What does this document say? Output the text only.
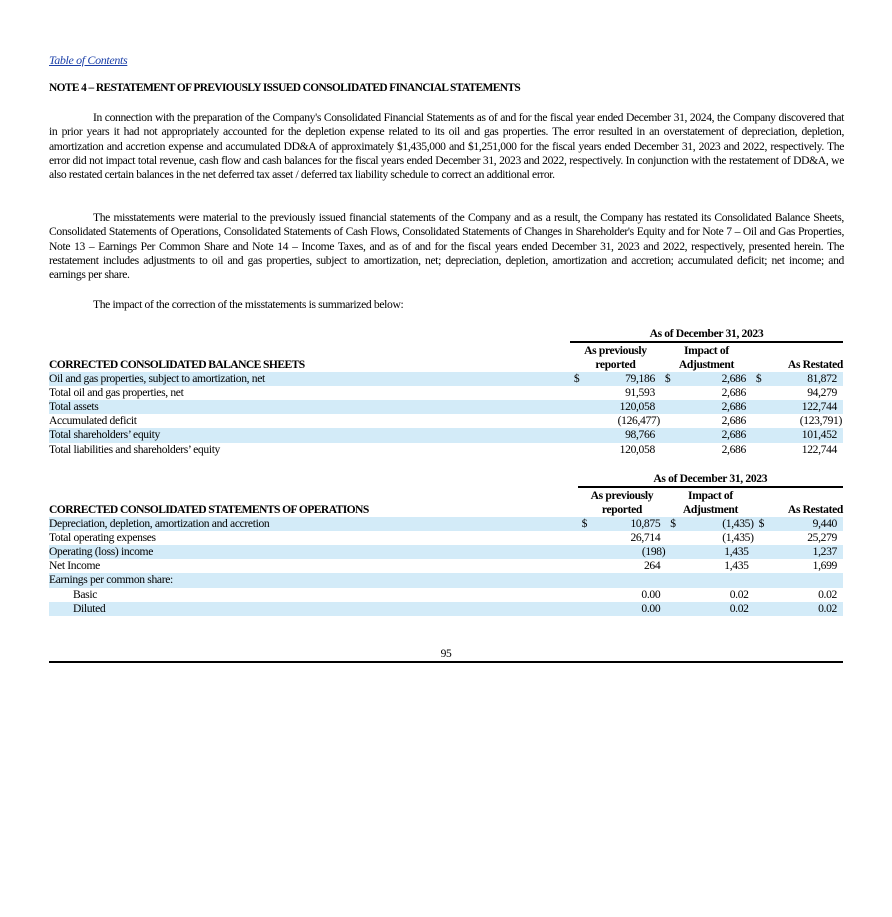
Table of Contents
NOTE 4 – RESTATEMENT OF PREVIOUSLY ISSUED CONSOLIDATED FINANCIAL STATEMENTS

In connection with the preparation of the Company's Consolidated Financial Statements as of and for the fiscal year ended December 31, 2024, the Company discovered that in prior years it had not appropriately accounted for the depletion expense related to its oil and gas properties. The error resulted in an overstatement of depreciation, depletion, amortization and accretion expense and accumulated DD&A of approximately $1,435,000 and $1,251,000 for the fiscal years ended December 31, 2023 and 2022, respectively. The error did not impact total revenue, cash flow and cash balances for the fiscal years ended December 31, 2023 and 2022, respectively. In conjunction with the restatement of DD&A, we also restated certain balances in the net deferred tax asset / deferred tax liability schedule to correct an additional error.

The misstatements were material to the previously issued financial statements of the Company and as a result, the Company has restated its Consolidated Balance Sheets, Consolidated Statements of Operations, Consolidated Statements of Cash Flows, Consolidated Statements of Changes in Shareholder's Equity and for Note 7 – Oil and Gas Properties, Note 13 – Earnings Per Common Share and Note 14 – Income Taxes, and as of and for the fiscal years ended December 31, 2023 and 2022, respectively, presented herein. The restatement includes adjustments to oil and gas properties, subject to amortization, net; depreciation, depletion, amortization and accretion; accumulated deficit; net income; and earnings per share.

The impact of the correction of the misstatements is summarized below:
	As of December 31, 2023					
	As previously		Impact of			
CORRECTED CONSOLIDATED BALANCE SHEETS	reported		Adjustment		As Restated	
Oil and gas properties, subject to amortization, net	$	79,186	$	2,686	$	81,872
Total oil and gas properties, net		91,593		2,686		94,279
Total assets		120,058		2,686		122,744
Accumulated deficit		(126,477)		2,686		(123,791)
Total shareholders’ equity		98,766		2,686		101,452
Total liabilities and shareholders’ equity		120,058		2,686		122,744
	As of December 31, 2023					
	As previously		Impact of			
CORRECTED CONSOLIDATED STATEMENTS OF OPERATIONS	reported		Adjustment		As Restated	
Depreciation, depletion, amortization and accretion	$	10,875	$	(1,435)	$	9,440
Total operating expenses		26,714		(1,435)		25,279
Operating (loss) income		(198)		1,435		1,237
Net Income		264		1,435		1,699
Earnings per common share:						
Basic		0.00		0.02		0.02
Diluted		0.00		0.02		0.02
95
